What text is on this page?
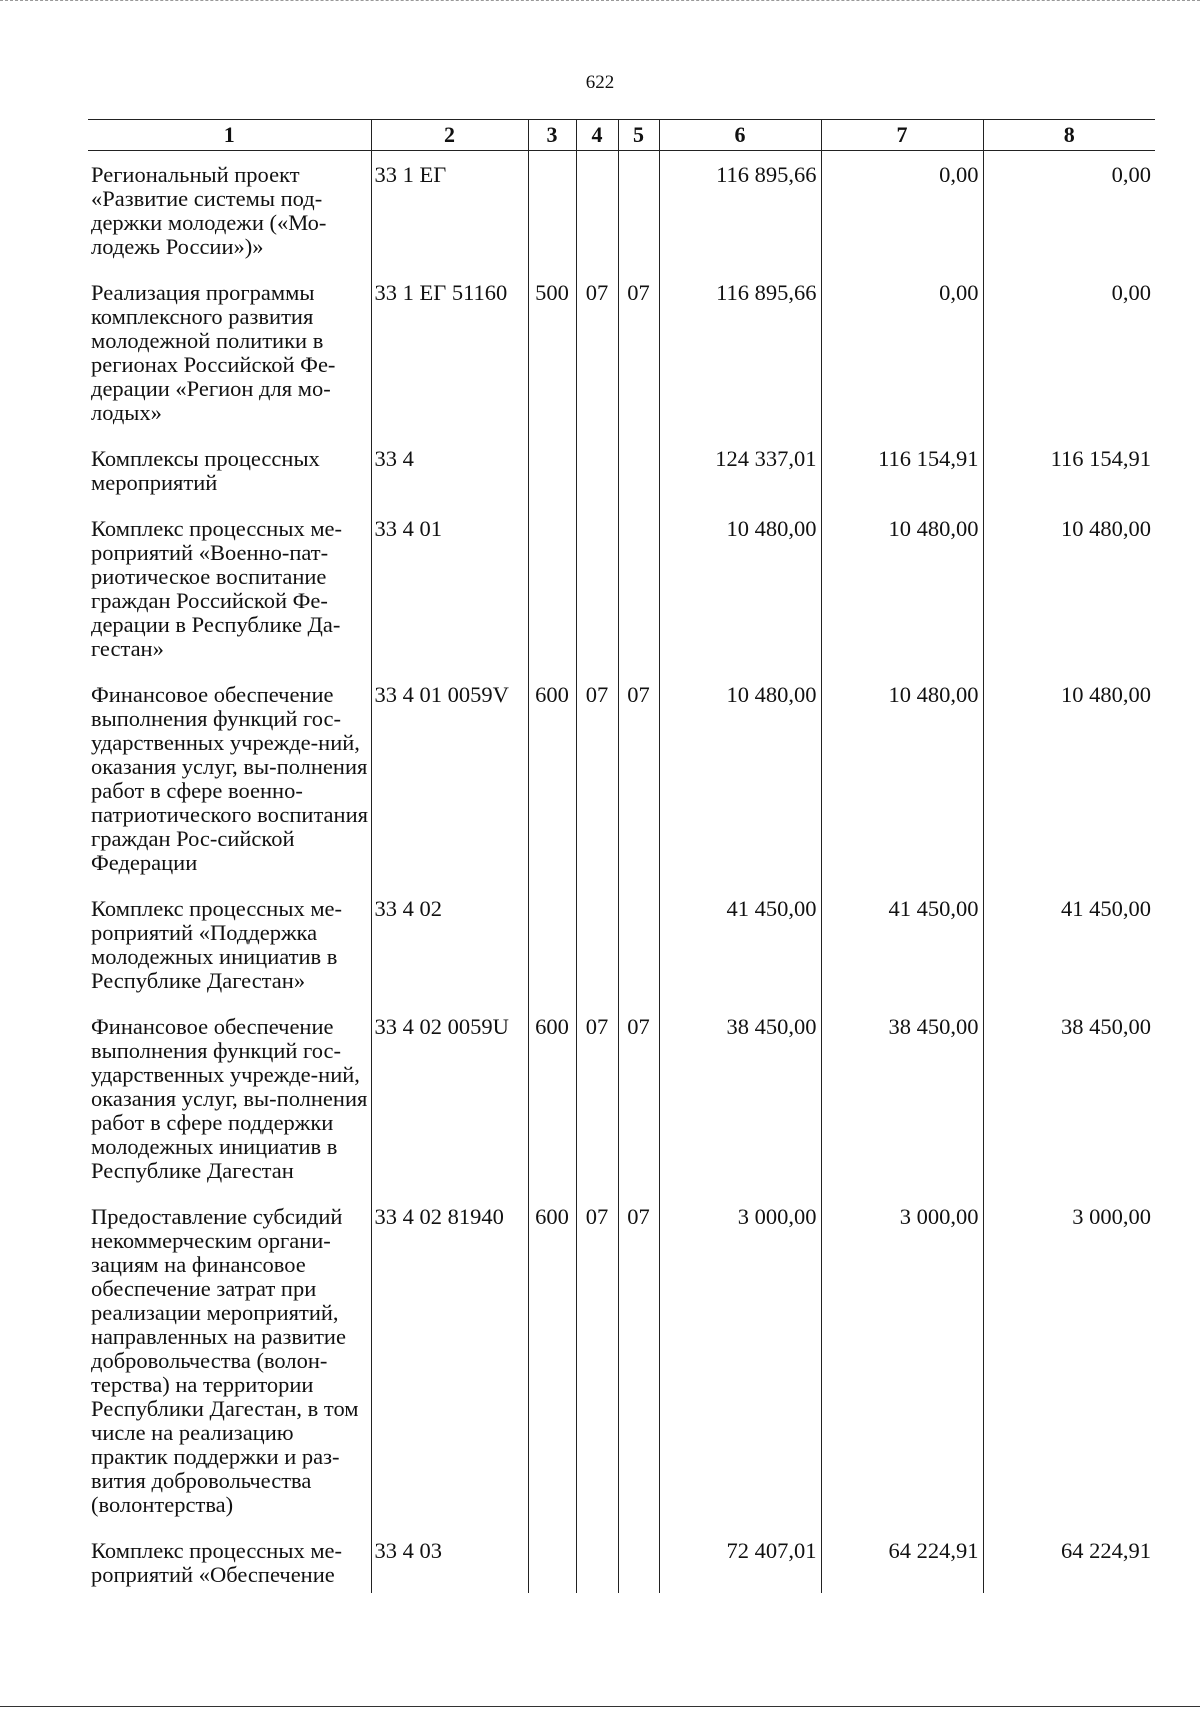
622
1	2	3	4	5	6	7	8
Региональный проект «Развитие системы под-держки молодежи («Мо-лодежь России»)»	33 1 ЕГ				116 895,66	0,00	0,00
Реализация программы комплексного развития молодежной политики в регионах Российской Фе-дерации «Регион для мо-лодых»	33 1 ЕГ 51160	500	07	07	116 895,66	0,00	0,00
Комплексы процессных мероприятий	33 4				124 337,01	116 154,91	116 154,91
Комплекс процессных ме-роприятий «Военно-пат-риотическое воспитание граждан Российской Фе-дерации в Республике Да-гестан»	33 4 01				10 480,00	10 480,00	10 480,00
Финансовое обеспечение выполнения функций гос-ударственных учрежде-ний, оказания услуг, вы-полнения работ в сфере военно-патриотического воспитания граждан Рос-сийской Федерации	33 4 01 0059V	600	07	07	10 480,00	10 480,00	10 480,00
Комплекс процессных ме-роприятий «Поддержка молодежных инициатив в Республике Дагестан»	33 4 02				41 450,00	41 450,00	41 450,00
Финансовое обеспечение выполнения функций гос-ударственных учрежде-ний, оказания услуг, вы-полнения работ в сфере поддержки молодежных инициатив в Республике Дагестан	33 4 02 0059U	600	07	07	38 450,00	38 450,00	38 450,00
Предоставление субсидий некоммерческим органи-зациям на финансовое обеспечение затрат при реализации мероприятий, направленных на развитие добровольчества (волон-терства) на территории Республики Дагестан, в том числе на реализацию практик поддержки и раз-вития добровольчества (волонтерства)	33 4 02 81940	600	07	07	3 000,00	3 000,00	3 000,00
Комплекс процессных ме-роприятий «Обеспечение	33 4 03				72 407,01	64 224,91	64 224,91
